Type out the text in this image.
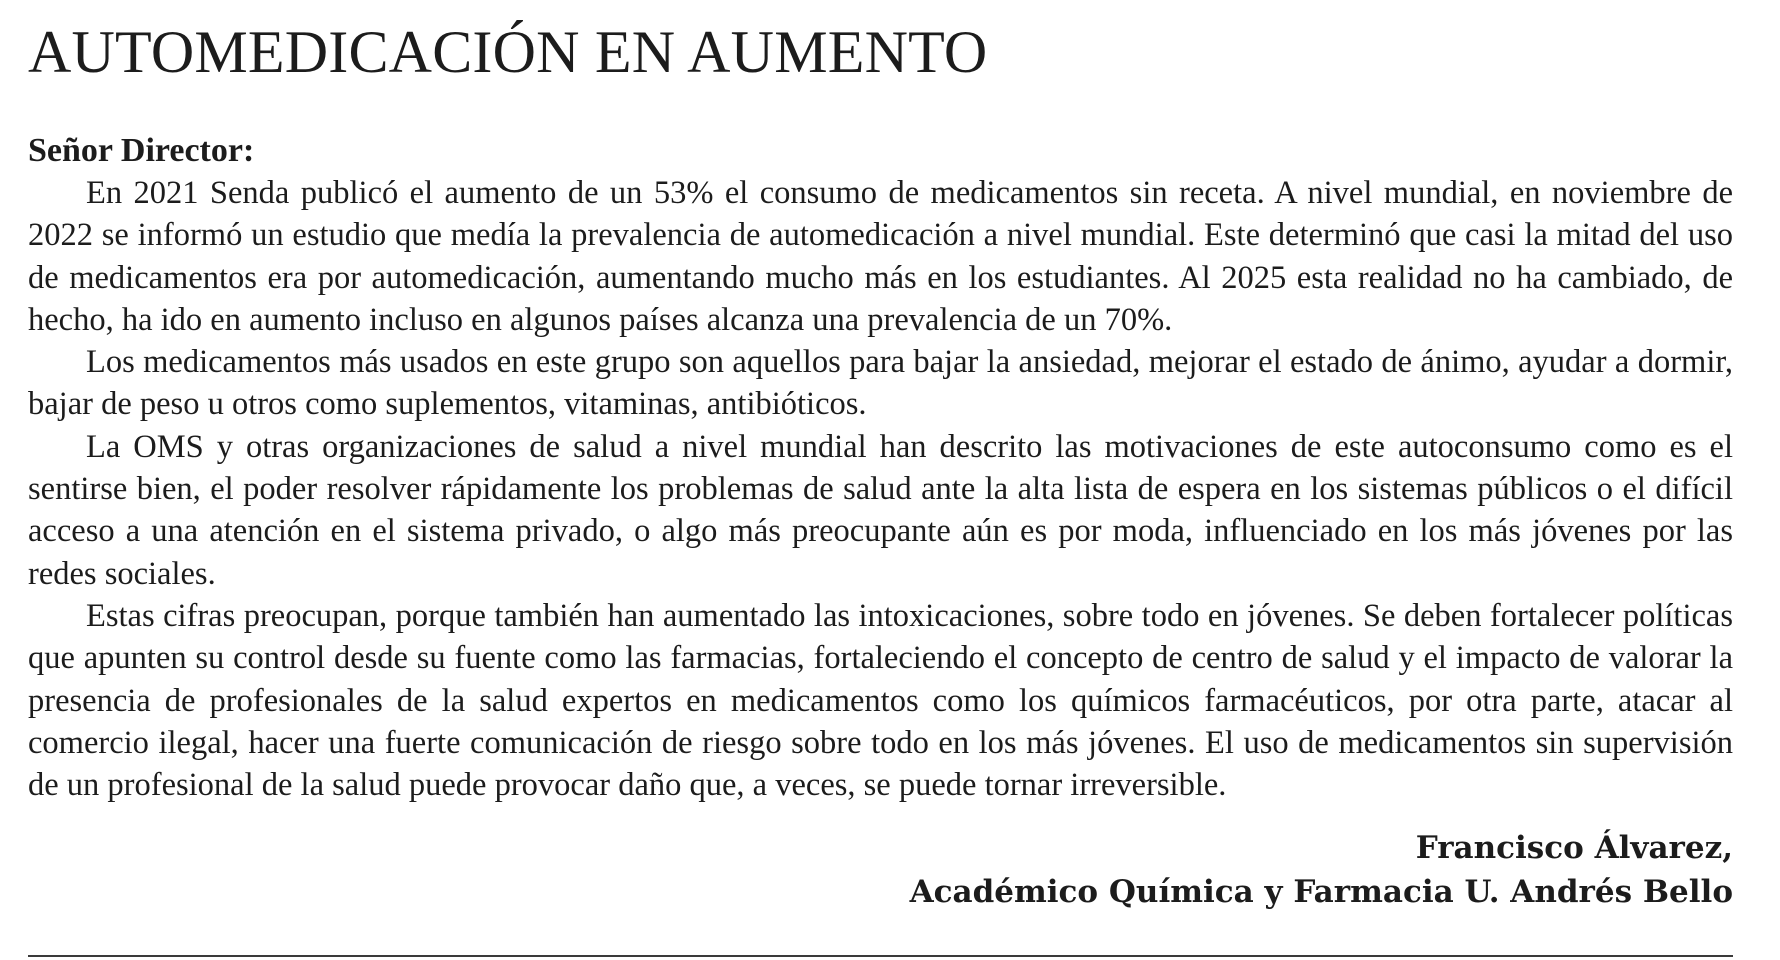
AUTOMEDICACIÓN EN AUMENTO
Señor Director:

En 2021 Senda publicó el aumento de un 53% el consumo de medicamentos sin receta. A nivel mundial, en noviembre de 2022 se informó un estudio que medía la prevalencia de automedicación a nivel mundial. Este determinó que casi la mitad del uso de medicamentos era por automedicación, aumentando mucho más en los estudiantes. Al 2025 esta realidad no ha cambiado, de hecho, ha ido en aumento incluso en algunos países alcanza una prevalencia de un 70%.

Los medicamentos más usados en este grupo son aquellos para bajar la ansiedad, mejorar el estado de ánimo, ayudar a dormir, bajar de peso u otros como suplementos, vitaminas, antibióticos.

La OMS y otras organizaciones de salud a nivel mundial han descrito las motivaciones de este autoconsumo como es el sentirse bien, el poder resolver rápidamente los problemas de salud ante la alta lista de espera en los sistemas públicos o el difícil acceso a una atención en el sistema privado, o algo más preocupante aún es por moda, influenciado en los más jóvenes por las redes sociales.

Estas cifras preocupan, porque también han aumentado las intoxicaciones, sobre todo en jóvenes. Se deben fortalecer políticas que apunten su control desde su fuente como las farmacias, fortaleciendo el concepto de centro de salud y el impacto de valorar la presencia de profesionales de la salud expertos en medicamentos como los químicos farmacéuticos, por otra parte, atacar al comercio ilegal, hacer una fuerte comunicación de riesgo sobre todo en los más jóvenes. El uso de medicamentos sin supervisión de un profesional de la salud puede provocar daño que, a veces, se puede tornar irreversible.

Francisco Álvarez,
Académico Química y Farmacia U. Andrés Bello
